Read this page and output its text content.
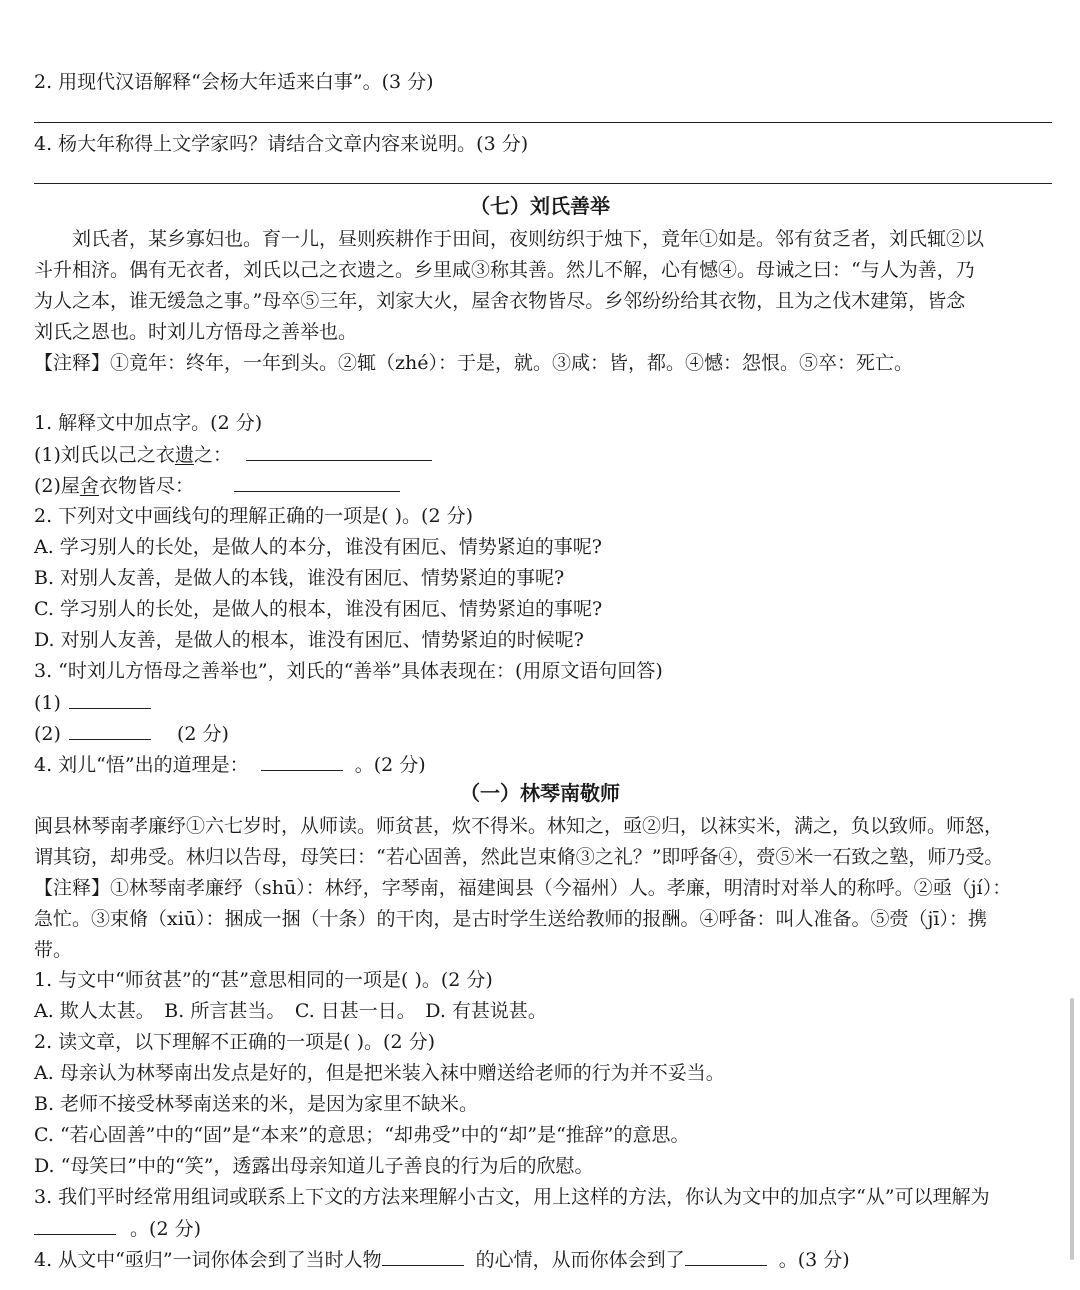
2. 用现代汉语解释“会杨大年适来白事”。(3 分)
4. 杨大年称得上文学家吗？请结合文章内容来说明。(3 分)
（七）刘氏善举
　　刘氏者，某乡寡妇也。育一儿，昼则疾耕作于田间，夜则纺织于烛下，竟年①如是。邻有贫乏者，刘氏辄②以
斗升相济。偶有无衣者，刘氏以己之衣遗之。乡里咸③称其善。然儿不解，心有憾④。母诫之曰：“与人为善，乃
为人之本，谁无缓急之事。”母卒⑤三年，刘家大火，屋舍衣物皆尽。乡邻纷纷给其衣物，且为之伐木建第，皆念
刘氏之恩也。时刘儿方悟母之善举也。
【注释】①竟年：终年，一年到头。②辄（zhé）：于是，就。③咸：皆，都。④憾：怨恨。⑤卒：死亡。
1. 解释文中加点字。(2 分)
(1)刘氏以己之衣遗之：
(2)屋舍衣物皆尽：
2. 下列对文中画线句的理解正确的一项是( )。(2 分)
A. 学习别人的长处，是做人的本分，谁没有困厄、情势紧迫的事呢?
B. 对别人友善，是做人的本钱，谁没有困厄、情势紧迫的事呢?
C. 学习别人的长处，是做人的根本，谁没有困厄、情势紧迫的事呢?
D. 对别人友善，是做人的根本，谁没有困厄、情势紧迫的时候呢?
3. “时刘儿方悟母之善举也”，刘氏的“善举”具体表现在：(用原文语句回答)
(1)
(2)	(2 分)
4. 刘儿“悟”出的道理是：	。(2 分)
（一）林琴南敬师
闽县林琴南孝廉纾①六七岁时，从师读。师贫甚，炊不得米。林知之，亟②归，以袜实米，满之，负以致师。师怒，
谓其窃，却弗受。林归以告母，母笑曰：“若心固善，然此岂束脩③之礼？”即呼备④，赍⑤米一石致之塾，师乃受。
【注释】①林琴南孝廉纾（shū）：林纾，字琴南，福建闽县（今福州）人。孝廉，明清时对举人的称呼。②亟（jí）：
急忙。③束脩（xiū）：捆成一捆（十条）的干肉，是古时学生送给教师的报酬。④呼备：叫人准备。⑤赍（jī）：携
带。
1. 与文中“师贫甚”的“甚”意思相同的一项是( )。(2 分)
A. 欺人太甚。　B. 所言甚当。　C. 日甚一日。　D. 有甚说甚。
2. 读文章，以下理解不正确的一项是( )。(2 分)
A. 母亲认为林琴南出发点是好的，但是把米装入袜中赠送给老师的行为并不妥当。
B. 老师不接受林琴南送来的米，是因为家里不缺米。
C. “若心固善”中的“固”是“本来”的意思；“却弗受”中的“却”是“推辞”的意思。
D. “母笑曰”中的“笑”，透露出母亲知道儿子善良的行为后的欣慰。
3. 我们平时经常用组词或联系上下文的方法来理解小古文，用上这样的方法，你认为文中的加点字“从”可以理解为
。(2 分)
4. 从文中“亟归”一词你体会到了当时人物	的心情，从而你体会到了	。(3 分)
